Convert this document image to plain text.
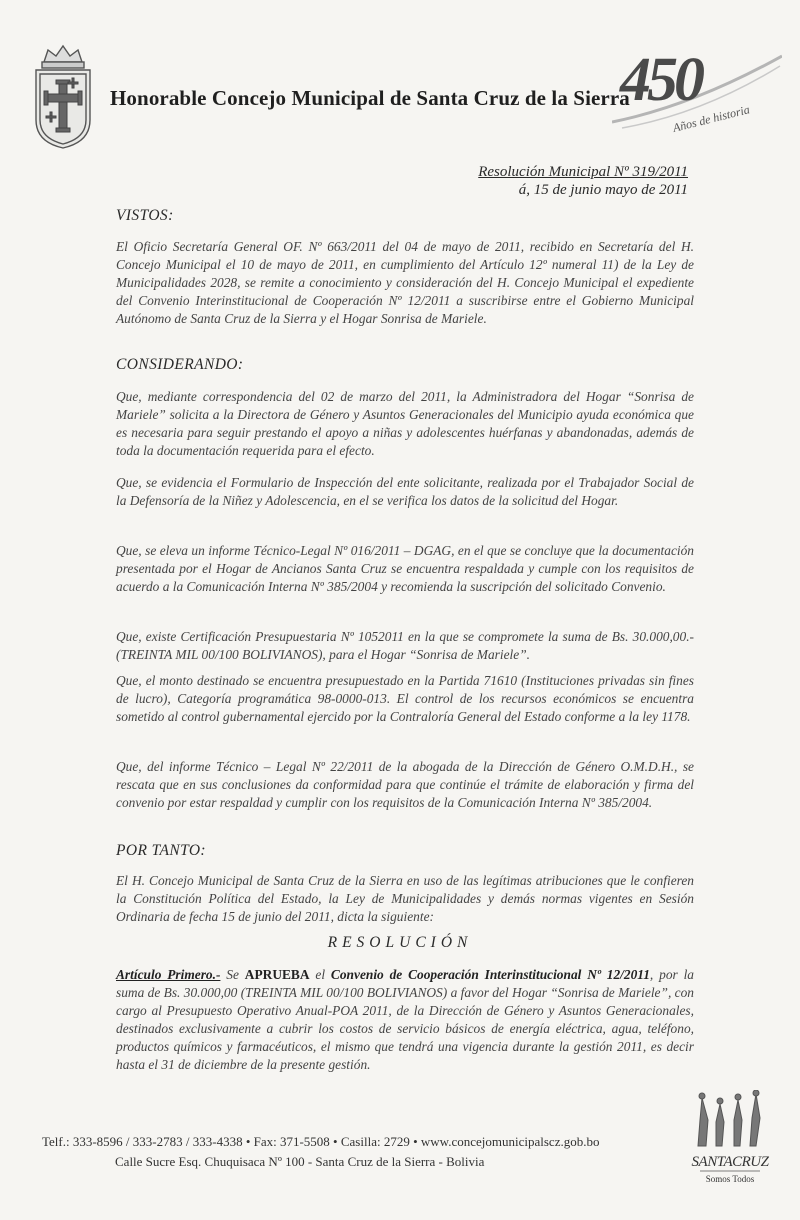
Honorable Concejo Municipal de Santa Cruz de la Sierra
450
Años de historia
Resolución Municipal Nº 319/2011
á, 15 de junio mayo de 2011
VISTOS:
El Oficio Secretaría General OF. Nº 663/2011 del 04 de mayo de 2011, recibido en Secretaría del H. Concejo Municipal el 10 de mayo de 2011, en cumplimiento del Artículo 12º numeral 11) de la Ley de Municipalidades 2028, se remite a conocimiento y consideración del H. Concejo Municipal el expediente del Convenio Interinstitucional de Cooperación Nº 12/2011 a suscribirse entre el Gobierno Municipal Autónomo de Santa Cruz de la Sierra y el Hogar Sonrisa de Mariele.
CONSIDERANDO:
Que, mediante correspondencia del 02 de marzo del 2011, la Administradora del Hogar “Sonrisa de Mariele” solicita a la Directora de Género y Asuntos Generacionales del Municipio ayuda económica que es necesaria para seguir prestando el apoyo a niñas y adolescentes huérfanas y abandonadas, además de toda la documentación requerida para el efecto.
Que, se evidencia el Formulario de Inspección del ente solicitante, realizada por el Trabajador Social de la Defensoría de la Niñez y Adolescencia, en el se verifica los datos de la solicitud del Hogar.
Que, se eleva un informe Técnico-Legal Nº 016/2011 – DGAG, en el que se concluye que la documentación presentada por el Hogar de Ancianos Santa Cruz se encuentra respaldada y cumple con los requisitos de acuerdo a la Comunicación Interna Nº 385/2004 y recomienda la suscripción del solicitado Convenio.
Que, existe Certificación Presupuestaria Nº 1052011 en la que se compromete la suma de Bs. 30.000,00.- (TREINTA MIL 00/100 BOLIVIANOS), para el Hogar “Sonrisa de Mariele”.
Que, el monto destinado se encuentra presupuestado en la Partida 71610 (Instituciones privadas sin fines de lucro), Categoría programática 98-0000-013. El control de los recursos económicos se encuentra sometido al control gubernamental ejercido por la Contraloría General del Estado conforme a la ley 1178.
Que, del informe Técnico – Legal Nº 22/2011 de la abogada de la Dirección de Género O.M.D.H., se rescata que en sus conclusiones da conformidad para que continúe el trámite de elaboración y firma del convenio por estar respaldad y cumplir con los requisitos de la Comunicación Interna Nº 385/2004.
POR TANTO:
El H. Concejo Municipal de Santa Cruz de la Sierra en uso de las legítimas atribuciones que le confieren la Constitución Política del Estado, la Ley de Municipalidades y demás normas vigentes en Sesión Ordinaria de fecha 15 de junio del 2011, dicta la siguiente:
RESOLUCIÓN
Artículo Primero.- Se APRUEBA el Convenio de Cooperación Interinstitucional Nº 12/2011, por la suma de Bs. 30.000,00 (TREINTA MIL 00/100 BOLIVIANOS) a favor del Hogar “Sonrisa de Mariele”, con cargo al Presupuesto Operativo Anual-POA 2011, de la Dirección de Género y Asuntos Generacionales, destinados exclusivamente a cubrir los costos de servicio básicos de energía eléctrica, agua, teléfono, productos químicos y farmacéuticos, el mismo que tendrá una vigencia durante la gestión 2011, es decir hasta el 31 de diciembre de la presente gestión.
Telf.: 333-8596 / 333-2783 / 333-4338 • Fax: 371-5508 • Casilla: 2729 • www.concejomunicipalscz.gob.bo
Calle Sucre Esq. Chuquisaca Nº 100 - Santa Cruz de la Sierra - Bolivia	SANTACRUZ
Somos Todos
